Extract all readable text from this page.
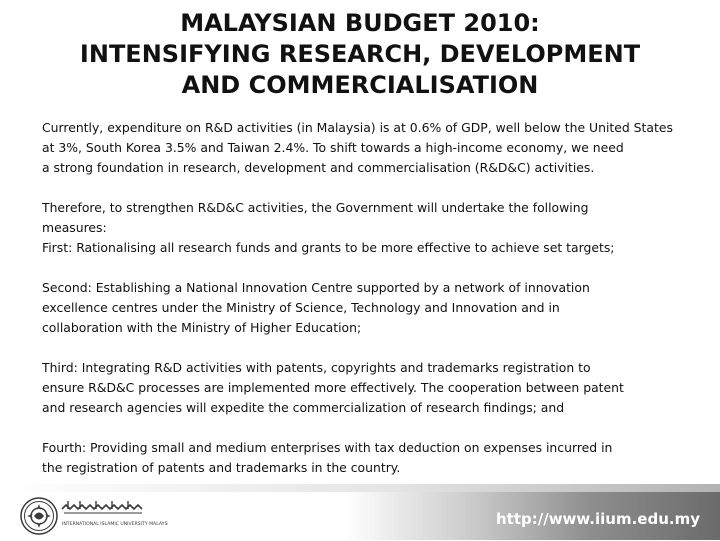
MALAYSIAN BUDGET 2010:
INTENSIFYING RESEARCH, DEVELOPMENT
AND COMMERCIALISATION
Currently, expenditure on R&D activities (in Malaysia) is at 0.6% of GDP, well below the United States
at 3%, South Korea 3.5% and Taiwan 2.4%. To shift towards a high-income economy, we need
a strong foundation in research, development and commercialisation (R&D&C) activities.
Therefore, to strengthen R&D&C activities, the Government will undertake the following
measures:
First: Rationalising all research funds and grants to be more effective to achieve set targets;
Second: Establishing a National Innovation Centre supported by a network of innovation
excellence centres under the Ministry of Science, Technology and Innovation and in
collaboration with the Ministry of Higher Education;
Third: Integrating R&D activities with patents, copyrights and trademarks registration to
ensure R&D&C processes are implemented more effectively. The cooperation between patent
and research agencies will expedite the commercialization of research findings; and
Fourth: Providing small and medium enterprises with tax deduction on expenses incurred in
the registration of patents and trademarks in the country.
INTERNATIONAL ISLAMIC UNIVERSITY MALAYSIA	http://www.iium.edu.my
